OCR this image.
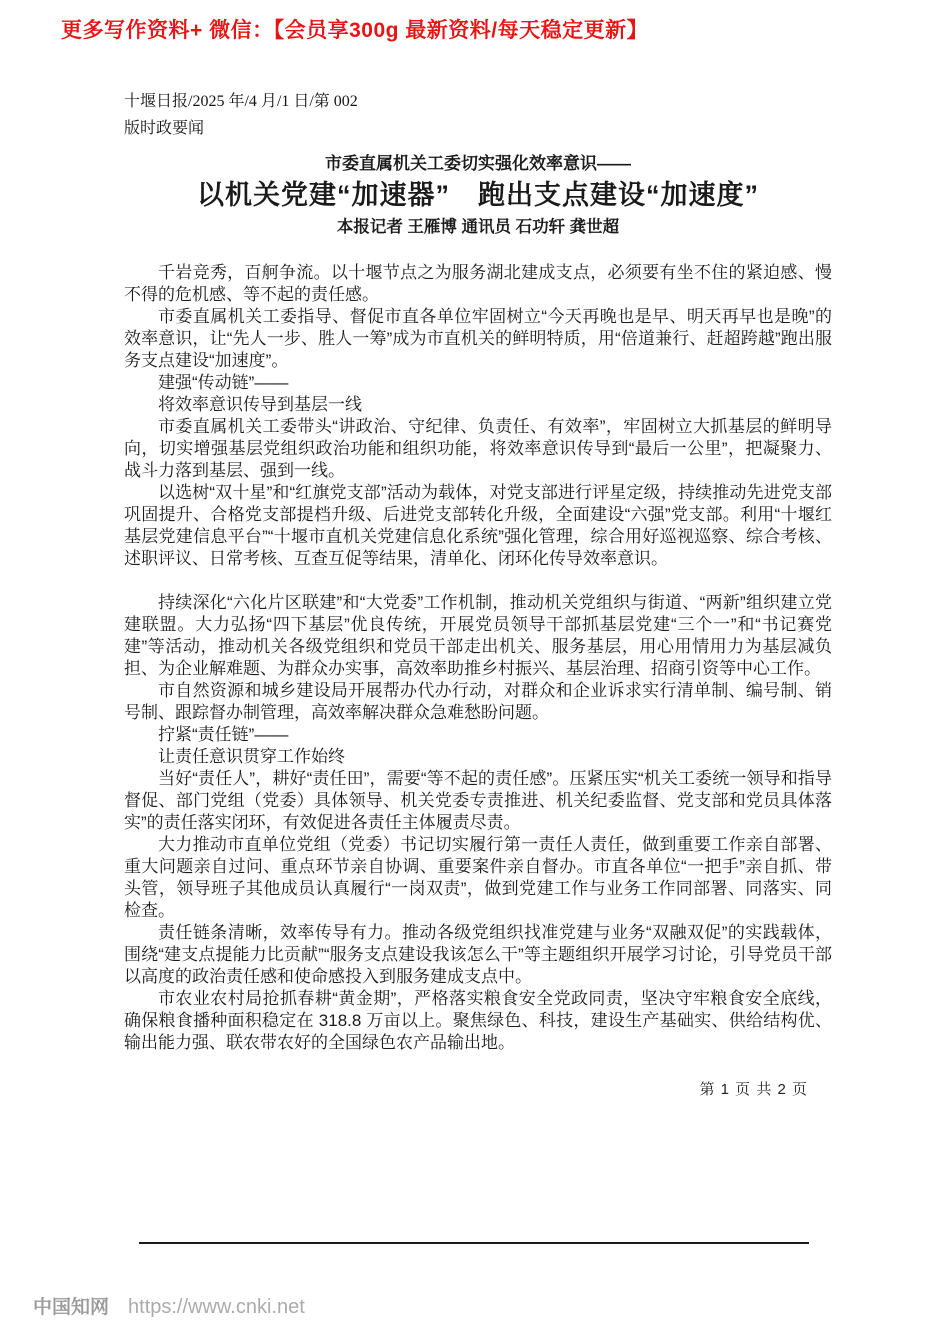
更多写作资料+ 微信：【会员享300g 最新资料/每天稳定更新】
十堰日报/2025 年/4 月/1 日/第 002
版时政要闻

市委直属机关工委切实强化效率意识——

以机关党建“加速器”　跑出支点建设“加速度”

本报记者 王雁博 通讯员 石功轩 龚世超

千岩竞秀，百舸争流。以十堰节点之为服务湖北建成支点，必须要有坐不住的紧迫感、慢不得的危机感、等不起的责任感。

市委直属机关工委指导、督促市直各单位牢固树立“今天再晚也是早、明天再早也是晚”的效率意识，让“先人一步、胜人一筹”成为市直机关的鲜明特质，用“倍道兼行、赶超跨越”跑出服务支点建设“加速度”。

建强“传动链”——

将效率意识传导到基层一线

市委直属机关工委带头“讲政治、守纪律、负责任、有效率”，牢固树立大抓基层的鲜明导向，切实增强基层党组织政治功能和组织功能，将效率意识传导到“最后一公里”，把凝聚力、战斗力落到基层、强到一线。

以选树“双十星”和“红旗党支部”活动为载体，对党支部进行评星定级，持续推动先进党支部巩固提升、合格党支部提档升级、后进党支部转化升级，全面建设“六强”党支部。利用“十堰红基层党建信息平台”“十堰市直机关党建信息化系统”强化管理，综合用好巡视巡察、综合考核、述职评议、日常考核、互查互促等结果，清单化、闭环化传导效率意识。

持续深化“六化片区联建”和“大党委”工作机制，推动机关党组织与街道、“两新”组织建立党建联盟。大力弘扬“四下基层”优良传统，开展党员领导干部抓基层党建“三个一”和“书记赛党建”等活动，推动机关各级党组织和党员干部走出机关、服务基层，用心用情用力为基层减负担、为企业解难题、为群众办实事，高效率助推乡村振兴、基层治理、招商引资等中心工作。

市自然资源和城乡建设局开展帮办代办行动，对群众和企业诉求实行清单制、编号制、销号制、跟踪督办制管理，高效率解决群众急难愁盼问题。

拧紧“责任链”——

让责任意识贯穿工作始终

当好“责任人”，耕好“责任田”，需要“等不起的责任感”。压紧压实“机关工委统一领导和指导督促、部门党组（党委）具体领导、机关党委专责推进、机关纪委监督、党支部和党员具体落实”的责任落实闭环，有效促进各责任主体履责尽责。

大力推动市直单位党组（党委）书记切实履行第一责任人责任，做到重要工作亲自部署、重大问题亲自过问、重点环节亲自协调、重要案件亲自督办。市直各单位“一把手”亲自抓、带头管，领导班子其他成员认真履行“一岗双责”，做到党建工作与业务工作同部署、同落实、同检查。

责任链条清晰，效率传导有力。推动各级党组织找准党建与业务“双融双促”的实践载体，围绕“建支点提能力比贡献”“服务支点建设我该怎么干”等主题组织开展学习讨论，引导党员干部以高度的政治责任感和使命感投入到服务建成支点中。

市农业农村局抢抓春耕“黄金期”，严格落实粮食安全党政同责，坚决守牢粮食安全底线，确保粮食播种面积稳定在 318.8 万亩以上。聚焦绿色、科技，建设生产基础实、供给结构优、输出能力强、联农带农好的全国绿色农产品输出地。

第 1 页 共 2 页
中国知网 https://www.cnki.net
